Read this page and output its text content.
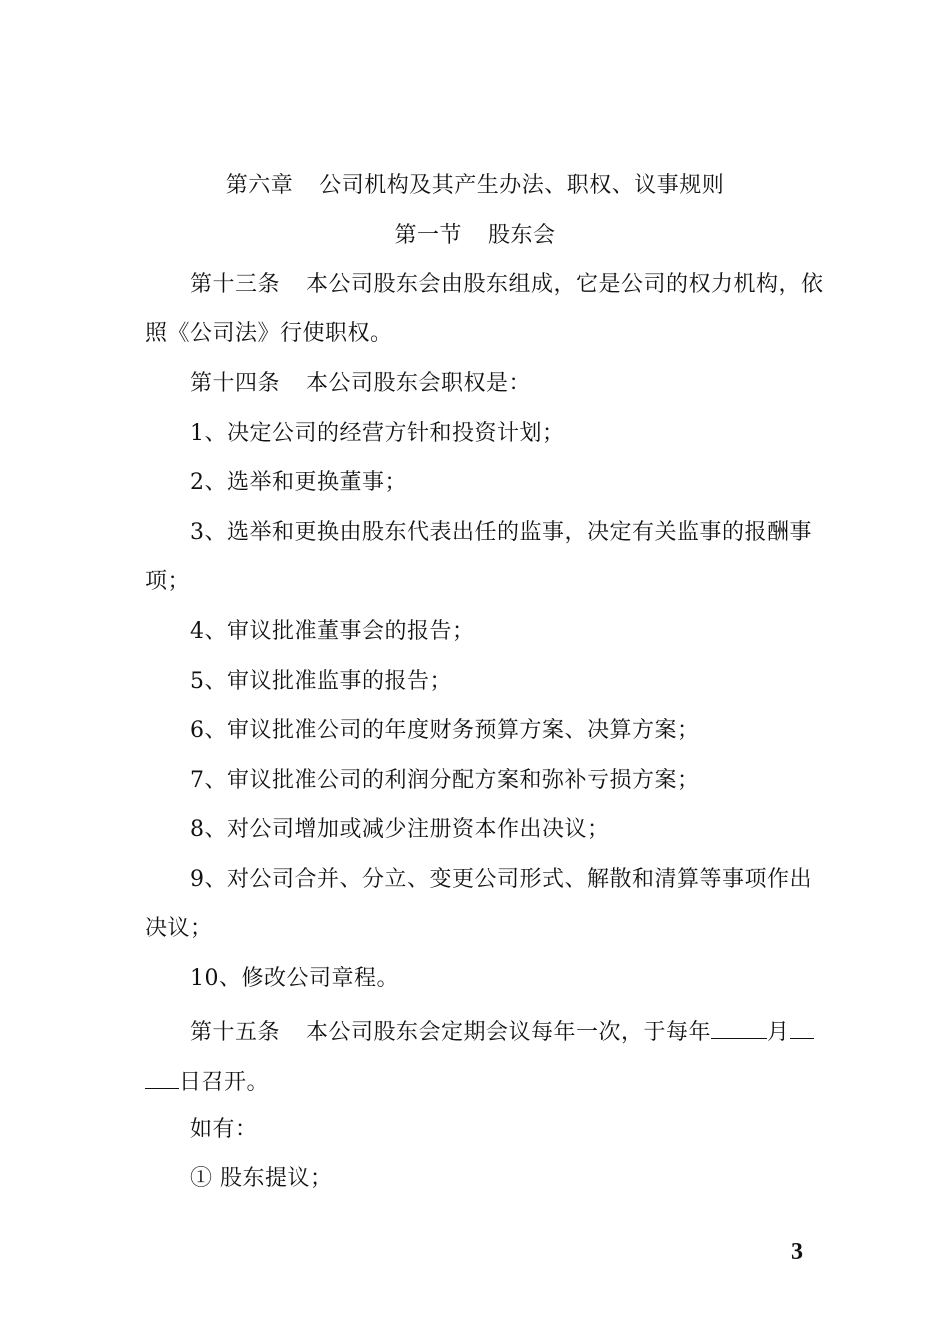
第六章 公司机构及其产生办法、职权、议事规则
第一节 股东会
第十三条 本公司股东会由股东组成，它是公司的权力机构，依
照《公司法》行使职权。
第十四条 本公司股东会职权是：
1、决定公司的经营方针和投资计划；
2、选举和更换董事；
3、选举和更换由股东代表出任的监事，决定有关监事的报酬事
项；
4、审议批准董事会的报告；
5、审议批准监事的报告；
6、审议批准公司的年度财务预算方案、决算方案；
7、审议批准公司的利润分配方案和弥补亏损方案；
8、对公司增加或减少注册资本作出决议；
9、对公司合并、分立、变更公司形式、解散和清算等事项作出
决议；
10、修改公司章程。
第十五条 本公司股东会定期会议每年一次，于每年	月
日召开。
如有：
① 股东提议；
3
